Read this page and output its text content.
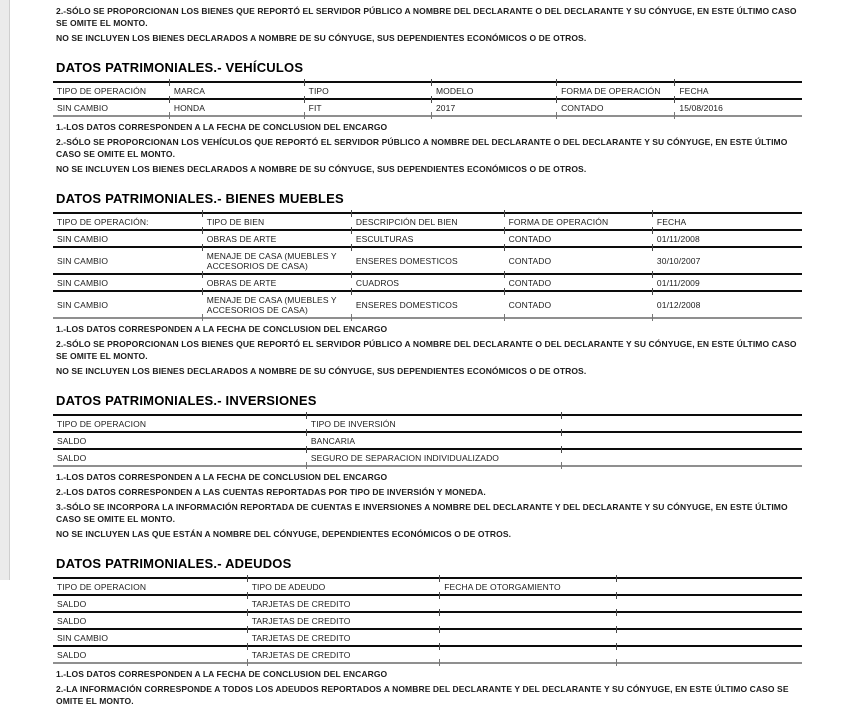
2.-SÓLO SE PROPORCIONAN LOS BIENES QUE REPORTÓ EL SERVIDOR PÚBLICO A NOMBRE DEL DECLARANTE O DEL DECLARANTE Y SU CÓNYUGE, EN ESTE ÚLTIMO CASO SE OMITE EL MONTO.

NO SE INCLUYEN LOS BIENES DECLARADOS A NOMBRE DE SU CÓNYUGE, SUS DEPENDIENTES ECONÓMICOS O DE OTROS.

DATOS PATRIMONIALES.- VEHÍCULOS
TIPO DE OPERACIÓN	MARCA	TIPO	MODELO	FORMA DE OPERACIÓN	FECHA
SIN CAMBIO	HONDA	FIT	2017	CONTADO	15/08/2016

1.-LOS DATOS CORRESPONDEN A LA FECHA DE CONCLUSION DEL ENCARGO

2.-SÓLO SE PROPORCIONAN LOS VEHÍCULOS QUE REPORTÓ EL SERVIDOR PÚBLICO A NOMBRE DEL DECLARANTE O DEL DECLARANTE Y SU CÓNYUGE, EN ESTE ÚLTIMO CASO SE OMITE EL MONTO.

NO SE INCLUYEN LOS BIENES DECLARADOS A NOMBRE DE SU CÓNYUGE, SUS DEPENDIENTES ECONÓMICOS O DE OTROS.

DATOS PATRIMONIALES.- BIENES MUEBLES
TIPO DE OPERACIÓN:	TIPO DE BIEN	DESCRIPCIÓN DEL BIEN	FORMA DE OPERACIÓN	FECHA
SIN CAMBIO	OBRAS DE ARTE	ESCULTURAS	CONTADO	01/11/2008
SIN CAMBIO	MENAJE DE CASA (MUEBLES Y ACCESORIOS DE CASA)	ENSERES DOMESTICOS	CONTADO	30/10/2007
SIN CAMBIO	OBRAS DE ARTE	CUADROS	CONTADO	01/11/2009
SIN CAMBIO	MENAJE DE CASA (MUEBLES Y ACCESORIOS DE CASA)	ENSERES DOMESTICOS	CONTADO	01/12/2008

1.-LOS DATOS CORRESPONDEN A LA FECHA DE CONCLUSION DEL ENCARGO

2.-SÓLO SE PROPORCIONAN LOS BIENES QUE REPORTÓ EL SERVIDOR PÚBLICO A NOMBRE DEL DECLARANTE O DEL DECLARANTE Y SU CÓNYUGE, EN ESTE ÚLTIMO CASO SE OMITE EL MONTO.

NO SE INCLUYEN LOS BIENES DECLARADOS A NOMBRE DE SU CÓNYUGE, SUS DEPENDIENTES ECONÓMICOS O DE OTROS.

DATOS PATRIMONIALES.- INVERSIONES
TIPO DE OPERACION	TIPO DE INVERSIÓN	
SALDO	BANCARIA	
SALDO	SEGURO DE SEPARACION INDIVIDUALIZADO	

1.-LOS DATOS CORRESPONDEN A LA FECHA DE CONCLUSION DEL ENCARGO

2.-LOS DATOS CORRESPONDEN A LAS CUENTAS REPORTADAS POR TIPO DE INVERSIÓN Y MONEDA.

3.-SÓLO SE INCORPORA LA INFORMACIÓN REPORTADA DE CUENTAS E INVERSIONES A NOMBRE DEL DECLARANTE Y DEL DECLARANTE Y SU CÓNYUGE, EN ESTE ÚLTIMO CASO SE OMITE EL MONTO.

NO SE INCLUYEN LAS QUE ESTÁN A NOMBRE DEL CÓNYUGE, DEPENDIENTES ECONÓMICOS O DE OTROS.

DATOS PATRIMONIALES.- ADEUDOS
TIPO DE OPERACION	TIPO DE ADEUDO	FECHA DE OTORGAMIENTO	
SALDO	TARJETAS DE CREDITO		
SALDO	TARJETAS DE CREDITO		
SIN CAMBIO	TARJETAS DE CREDITO		
SALDO	TARJETAS DE CREDITO		

1.-LOS DATOS CORRESPONDEN A LA FECHA DE CONCLUSION DEL ENCARGO

2.-LA INFORMACIÓN CORRESPONDE A TODOS LOS ADEUDOS REPORTADOS A NOMBRE DEL DECLARANTE Y DEL DECLARANTE Y SU CÓNYUGE, EN ESTE ÚLTIMO CASO SE OMITE EL MONTO.
